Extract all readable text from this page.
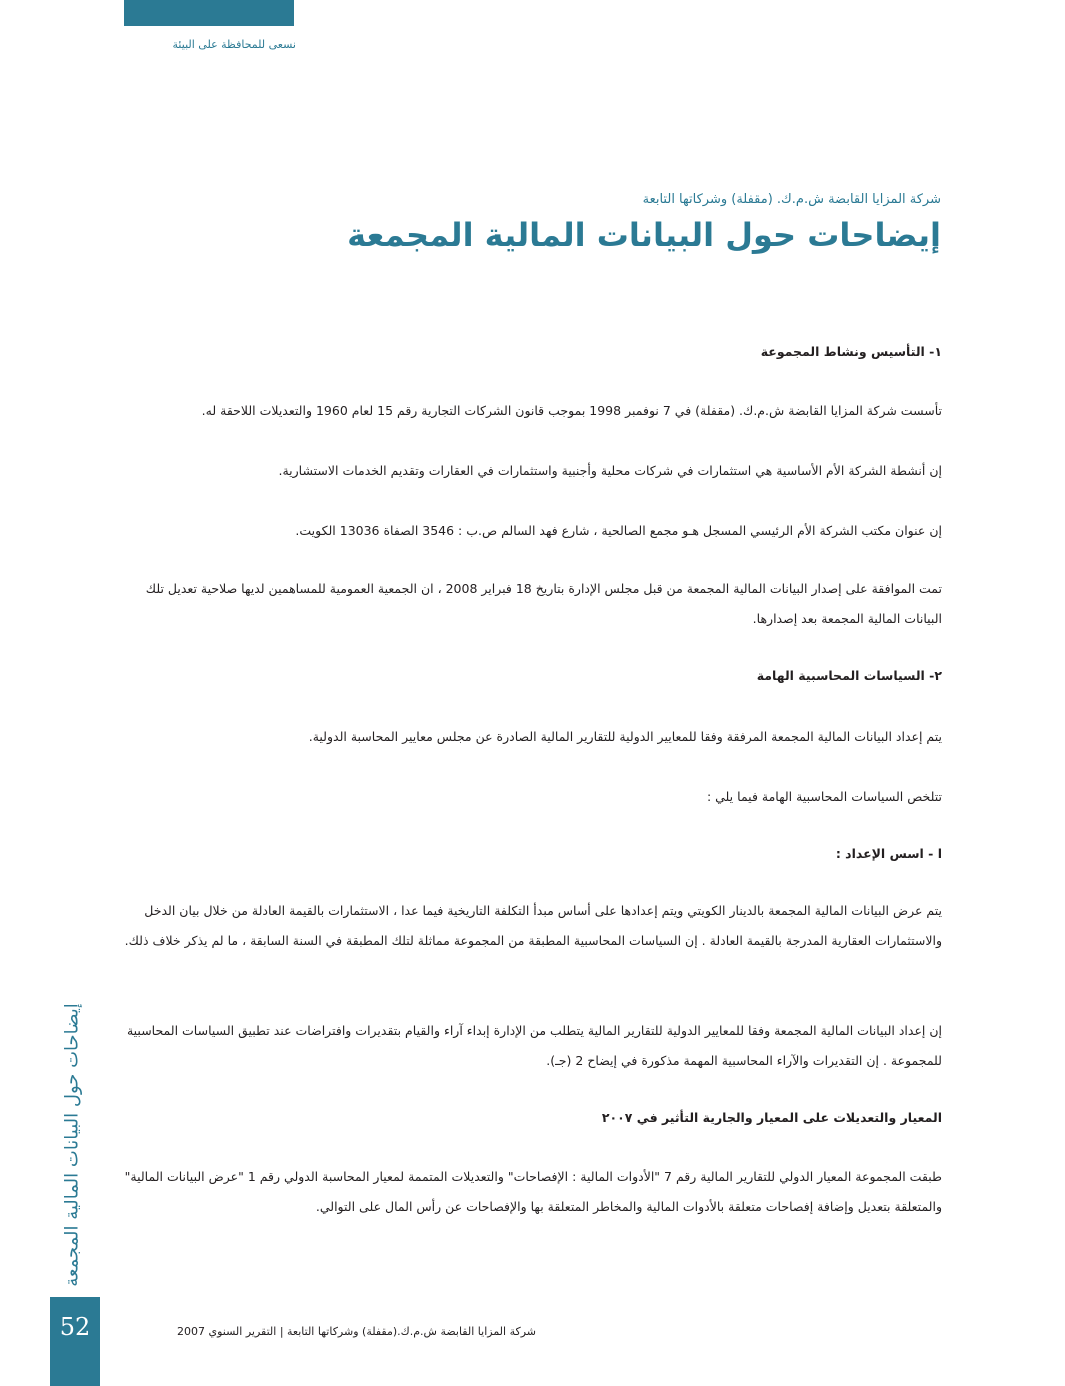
نسعى للمحافظة على البيئة
شركة المزايا القابضة ش.م.ك. (مقفلة) وشركاتها التابعة
إيضاحات حول البيانات المالية المجمعة

١- التأسيس ونشاط المجموعة

تأسست شركة المزايا القابضة ش.م.ك. (مقفلة) في 7 نوفمبر 1998 بموجب قانون الشركات التجارية رقم 15 لعام 1960 والتعديلات اللاحقة له.

إن أنشطة الشركة الأم الأساسية هي استثمارات في شركات محلية وأجنبية واستثمارات في العقارات وتقديم الخدمات الاستشارية.

إن عنوان مكتب الشركة الأم الرئيسي المسجل هـو مجمع الصالحية ، شارع فهد السالم ص.ب : 3546 الصفاة 13036 الكويت.

تمت الموافقة على إصدار البيانات المالية المجمعة من قبل مجلس الإدارة بتاريخ 18 فبراير 2008 ، ان الجمعية العمومية للمساهمين لديها صلاحية تعديل تلك البيانات المالية المجمعة بعد إصدارها.

٢- السياسات المحاسبية الهامة

يتم إعداد البيانات المالية المجمعة المرفقة وفقا للمعايير الدولية للتقارير المالية الصادرة عن مجلس معايير المحاسبة الدولية.

تتلخص السياسات المحاسبية الهامة فيما يلي :

ا - اسس الإعداد :

يتم عرض البيانات المالية المجمعة بالدينار الكويتي ويتم إعدادها على أساس مبدأ التكلفة التاريخية فيما عدا ، الاستثمارات بالقيمة العادلة من خلال بيان الدخل والاستثمارات العقارية المدرجة بالقيمة العادلة . إن السياسات المحاسبية المطبقة من المجموعة مماثلة لتلك المطبقة في السنة السابقة ، ما لم يذكر خلاف ذلك.

إن إعداد البيانات المالية المجمعة وفقا للمعايير الدولية للتقارير المالية يتطلب من الإدارة إبداء آراء والقيام بتقديرات وافتراضات عند تطبيق السياسات المحاسبية للمجموعة . إن التقديرات والآراء المحاسبية المهمة مذكورة في إيضاح 2 (جـ).

المعيار والتعديلات على المعيار والجارية التأثير في ٢٠٠٧

طبقت المجموعة المعيار الدولي للتقارير المالية رقم 7 "الأدوات المالية : الإفصاحات" والتعديلات المتممة لمعيار المحاسبة الدولي رقم 1 "عرض البيانات المالية" والمتعلقة بتعديل وإضافة إفصاحات متعلقة بالأدوات المالية والمخاطر المتعلقة بها والإفصاحات عن رأس المال على التوالي.

إيضاحات حول البيانات المالية المجمعة
52	شركة المزايا القابضة ش.م.ك.(مقفلة) وشركاتها التابعة | التقرير السنوي 2007
